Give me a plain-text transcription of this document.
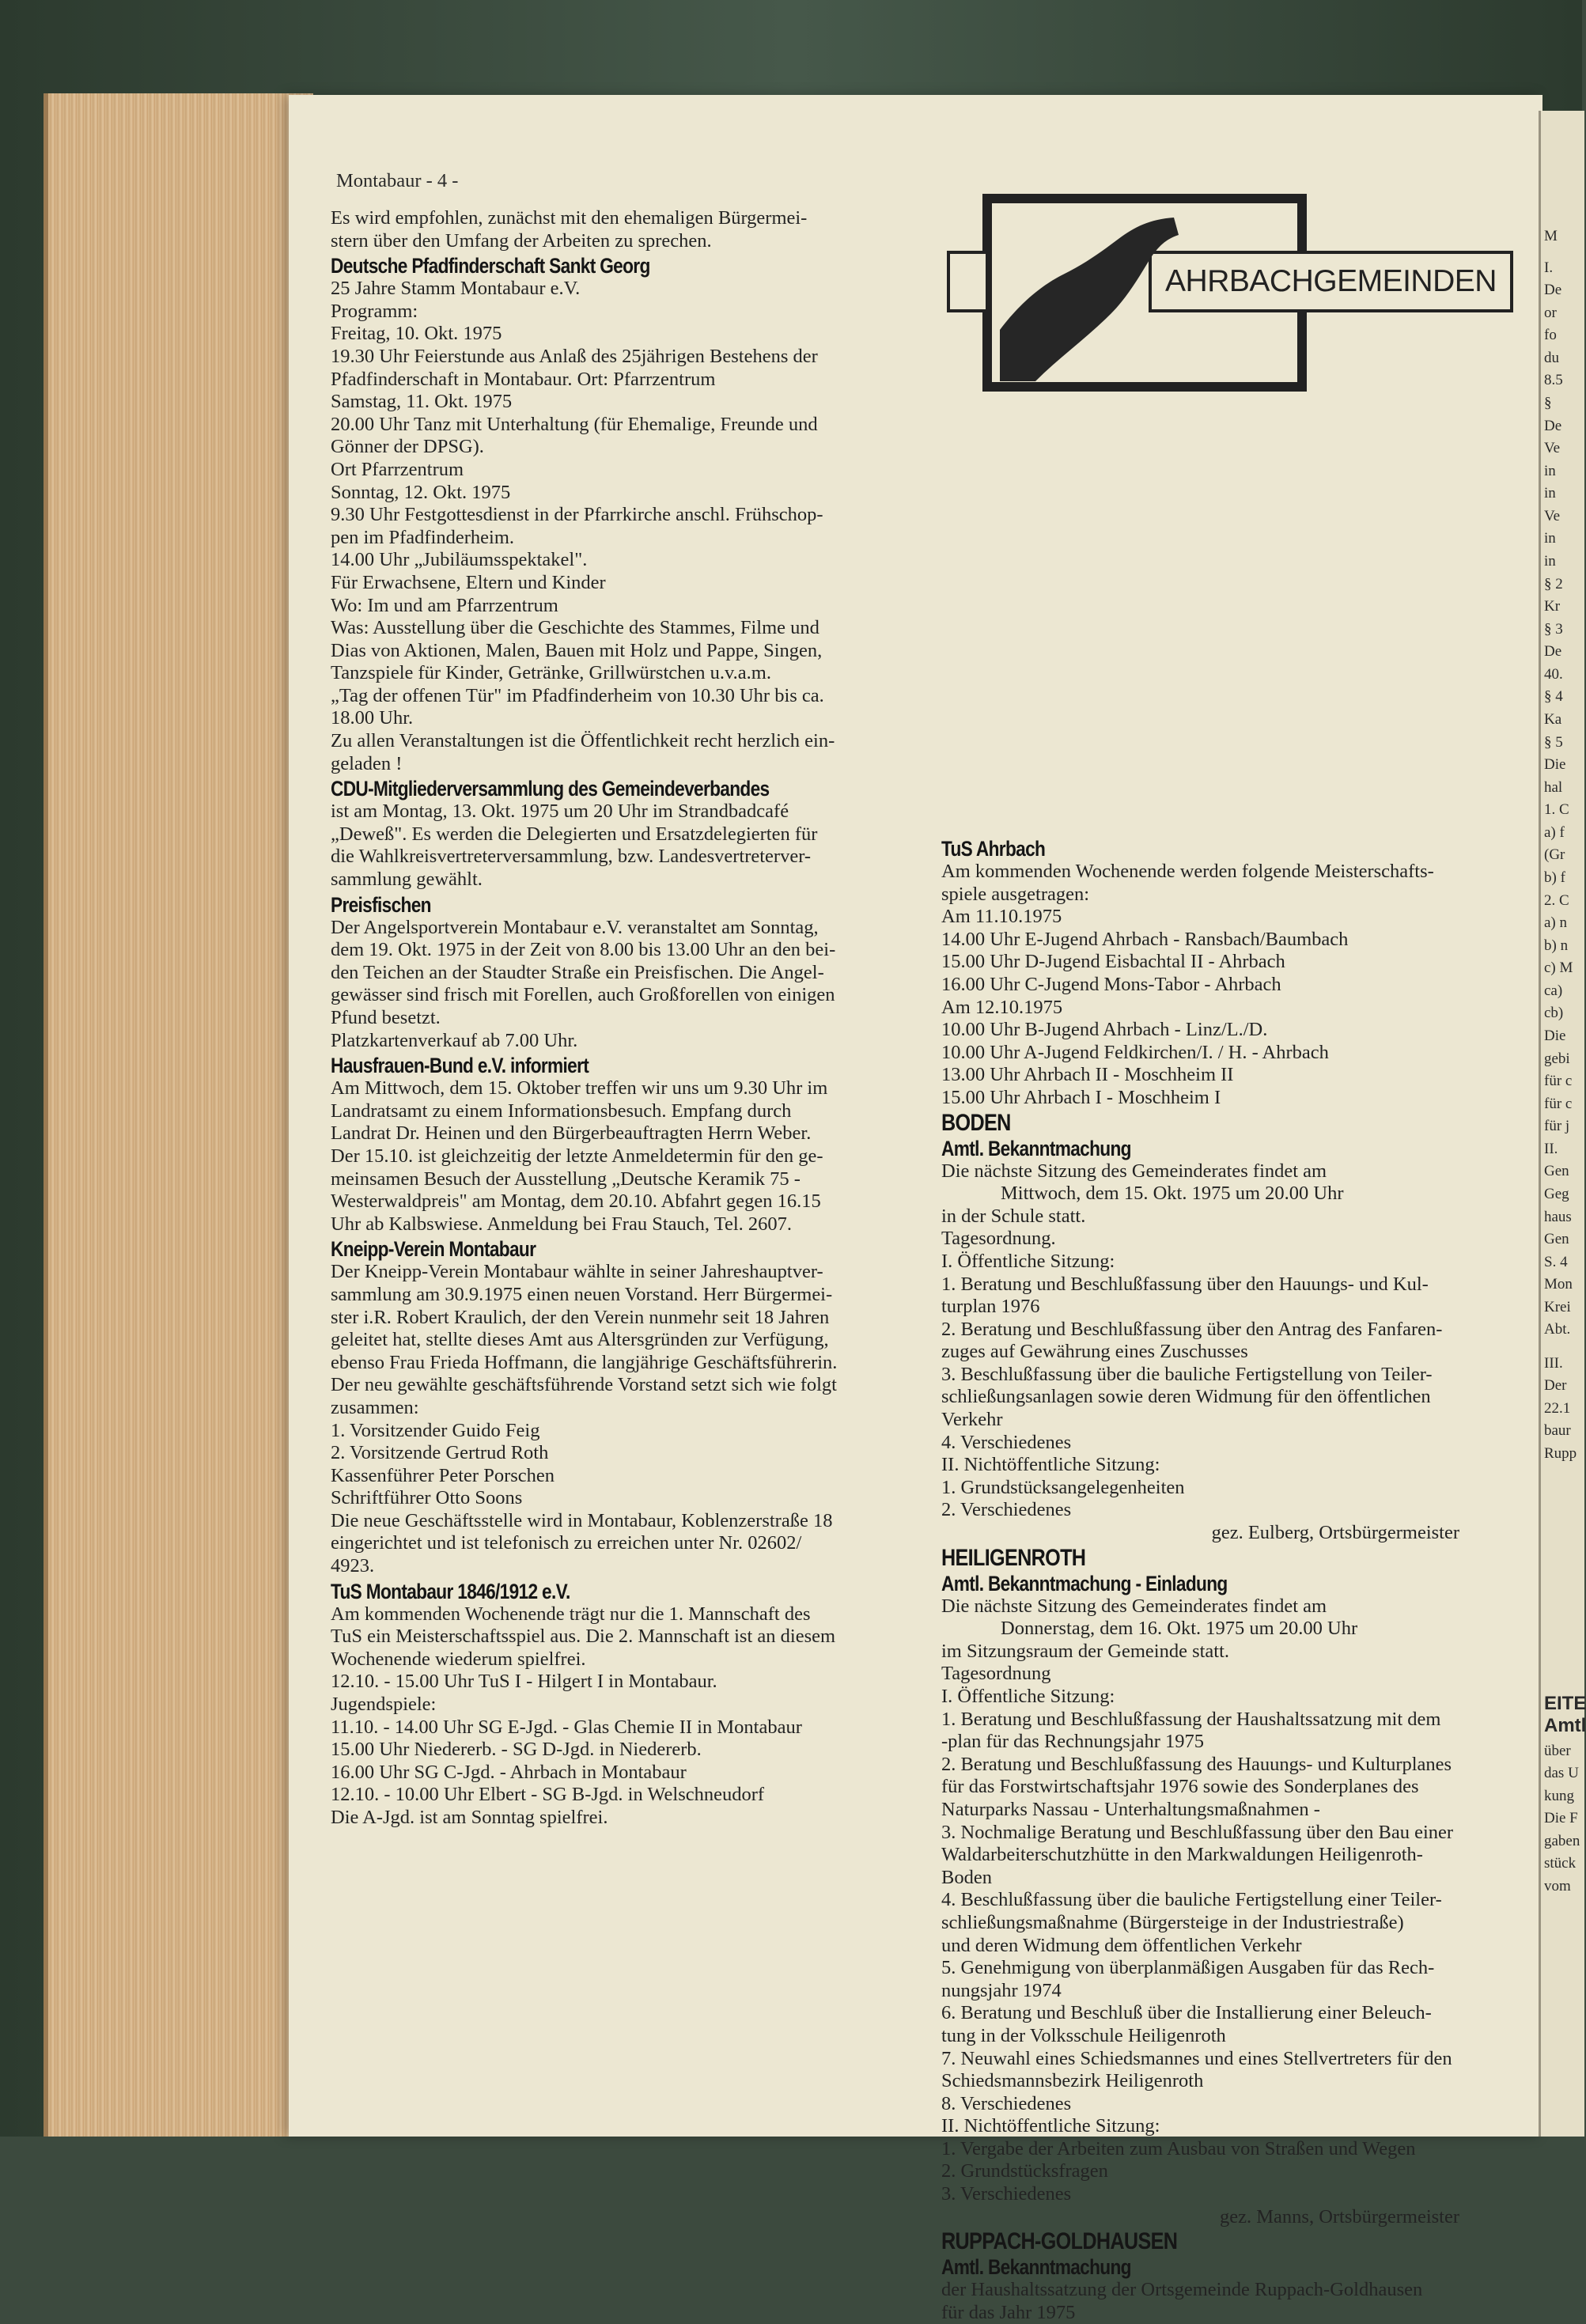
M
I.
De
or
fo
du
8.5
§
De
Ve
in
in
Ve
in
in
§ 2
Kr
§ 3
De
40.
§ 4
Ka
§ 5
Die
hal
1. C
a) f
(Gr
b) f
2. C
a) n
b) n
c) M
ca)
cb)
Die
gebi
für c
für c
für j
II.
Gen
Geg
haus
Gen
S. 4
Mon
Krei
Abt.
III.
Der
22.1
baur
Rupp
EITE
Amtl
über
das U
kung
Die F
gaben
stück
vom
Montabaur - 4 -
AHRBACHGEMEINDEN
Es wird empfohlen, zunächst mit den ehemaligen Bürgermei-
stern über den Umfang der Arbeiten zu sprechen.
Deutsche Pfadfinderschaft Sankt Georg
25 Jahre Stamm Montabaur e.V.
Programm:
Freitag, 10. Okt. 1975
19.30 Uhr Feierstunde aus Anlaß des 25jährigen Bestehens der
Pfadfinderschaft in Montabaur. Ort: Pfarrzentrum
Samstag, 11. Okt. 1975
20.00 Uhr Tanz mit Unterhaltung (für Ehemalige, Freunde und
Gönner der DPSG).
Ort Pfarrzentrum
Sonntag, 12. Okt. 1975
9.30 Uhr Festgottesdienst in der Pfarrkirche anschl. Frühschop-
pen im Pfadfinderheim.
14.00 Uhr „Jubiläumsspektakel".
Für Erwachsene, Eltern und Kinder
Wo: Im und am Pfarrzentrum
Was: Ausstellung über die Geschichte des Stammes, Filme und
Dias von Aktionen, Malen, Bauen mit Holz und Pappe, Singen,
Tanzspiele für Kinder, Getränke, Grillwürstchen u.v.a.m.
„Tag der offenen Tür" im Pfadfinderheim von 10.30 Uhr bis ca.
18.00 Uhr.
Zu allen Veranstaltungen ist die Öffentlichkeit recht herzlich ein-
geladen !
CDU-Mitgliederversammlung des Gemeindeverbandes
ist am Montag, 13. Okt. 1975 um 20 Uhr im Strandbadcafé
„Deweß". Es werden die Delegierten und Ersatzdelegierten für
die Wahlkreisvertreterversammlung, bzw. Landesvertreterver-
sammlung gewählt.
Preisfischen
Der Angelsportverein Montabaur e.V. veranstaltet am Sonntag,
dem 19. Okt. 1975 in der Zeit von 8.00 bis 13.00 Uhr an den bei-
den Teichen an der Staudter Straße ein Preisfischen. Die Angel-
gewässer sind frisch mit Forellen, auch Großforellen von einigen
Pfund besetzt.
Platzkartenverkauf ab 7.00 Uhr.
Hausfrauen-Bund e.V. informiert
Am Mittwoch, dem 15. Oktober treffen wir uns um 9.30 Uhr im
Landratsamt zu einem Informationsbesuch. Empfang durch
Landrat Dr. Heinen und den Bürgerbeauftragten Herrn Weber.
Der 15.10. ist gleichzeitig der letzte Anmeldetermin für den ge-
meinsamen Besuch der Ausstellung „Deutsche Keramik 75 -
Westerwaldpreis" am Montag, dem 20.10. Abfahrt gegen 16.15
Uhr ab Kalbswiese. Anmeldung bei Frau Stauch, Tel. 2607.
Kneipp-Verein Montabaur
Der Kneipp-Verein Montabaur wählte in seiner Jahreshauptver-
sammlung am 30.9.1975 einen neuen Vorstand. Herr Bürgermei-
ster i.R. Robert Kraulich, der den Verein nunmehr seit 18 Jahren
geleitet hat, stellte dieses Amt aus Altersgründen zur Verfügung,
ebenso Frau Frieda Hoffmann, die langjährige Geschäftsführerin.
Der neu gewählte geschäftsführende Vorstand setzt sich wie folgt
zusammen:
1. Vorsitzender Guido Feig
2. Vorsitzende Gertrud Roth
Kassenführer Peter Porschen
Schriftführer Otto Soons
Die neue Geschäftsstelle wird in Montabaur, Koblenzerstraße 18
eingerichtet und ist telefonisch zu erreichen unter Nr. 02602/
4923.
TuS Montabaur 1846/1912 e.V.
Am kommenden Wochenende trägt nur die 1. Mannschaft des
TuS ein Meisterschaftsspiel aus. Die 2. Mannschaft ist an diesem
Wochenende wiederum spielfrei.
12.10. - 15.00 Uhr TuS I - Hilgert I in Montabaur.
Jugendspiele:
11.10. - 14.00 Uhr SG E-Jgd. - Glas Chemie II in Montabaur
15.00 Uhr Niedererb. - SG D-Jgd. in Niedererb.
16.00 Uhr SG C-Jgd. - Ahrbach in Montabaur
12.10. - 10.00 Uhr Elbert - SG B-Jgd. in Welschneudorf
Die A-Jgd. ist am Sonntag spielfrei.
TuS Ahrbach
Am kommenden Wochenende werden folgende Meisterschafts-
spiele ausgetragen:
Am 11.10.1975
14.00 Uhr E-Jugend Ahrbach - Ransbach/Baumbach
15.00 Uhr D-Jugend Eisbachtal II - Ahrbach
16.00 Uhr C-Jugend Mons-Tabor - Ahrbach
Am 12.10.1975
10.00 Uhr B-Jugend Ahrbach - Linz/L./D.
10.00 Uhr A-Jugend Feldkirchen/I. / H. - Ahrbach
13.00 Uhr Ahrbach II - Moschheim II
15.00 Uhr Ahrbach I - Moschheim I
BODEN
Amtl. Bekanntmachung
Die nächste Sitzung des Gemeinderates findet am
Mittwoch, dem 15. Okt. 1975 um 20.00 Uhr
in der Schule statt.
Tagesordnung.
I. Öffentliche Sitzung:
1. Beratung und Beschlußfassung über den Hauungs- und Kul-
turplan 1976
2. Beratung und Beschlußfassung über den Antrag des Fanfaren-
zuges auf Gewährung eines Zuschusses
3. Beschlußfassung über die bauliche Fertigstellung von Teiler-
schließungsanlagen sowie deren Widmung für den öffentlichen
Verkehr
4. Verschiedenes
II. Nichtöffentliche Sitzung:
1. Grundstücksangelegenheiten
2. Verschiedenes
gez. Eulberg, Ortsbürgermeister
HEILIGENROTH
Amtl. Bekanntmachung - Einladung
Die nächste Sitzung des Gemeinderates findet am
Donnerstag, dem 16. Okt. 1975 um 20.00 Uhr
im Sitzungsraum der Gemeinde statt.
Tagesordnung
I. Öffentliche Sitzung:
1. Beratung und Beschlußfassung der Haushaltssatzung mit dem
-plan für das Rechnungsjahr 1975
2. Beratung und Beschlußfassung des Hauungs- und Kulturplanes
für das Forstwirtschaftsjahr 1976 sowie des Sonderplanes des
Naturparks Nassau - Unterhaltungsmaßnahmen -
3. Nochmalige Beratung und Beschlußfassung über den Bau einer
Waldarbeiterschutzhütte in den Markwaldungen Heiligenroth-
Boden
4. Beschlußfassung über die bauliche Fertigstellung einer Teiler-
schließungsmaßnahme (Bürgersteige in der Industriestraße)
und deren Widmung dem öffentlichen Verkehr
5. Genehmigung von überplanmäßigen Ausgaben für das Rech-
nungsjahr 1974
6. Beratung und Beschluß über die Installierung einer Beleuch-
tung in der Volksschule Heiligenroth
7. Neuwahl eines Schiedsmannes und eines Stellvertreters für den
Schiedsmannsbezirk Heiligenroth
8. Verschiedenes
II. Nichtöffentliche Sitzung:
1. Vergabe der Arbeiten zum Ausbau von Straßen und Wegen
2. Grundstücksfragen
3. Verschiedenes
gez. Manns, Ortsbürgermeister
RUPPACH-GOLDHAUSEN
Amtl. Bekanntmachung
der Haushaltssatzung der Ortsgemeinde Ruppach-Goldhausen
für das Jahr 1975
